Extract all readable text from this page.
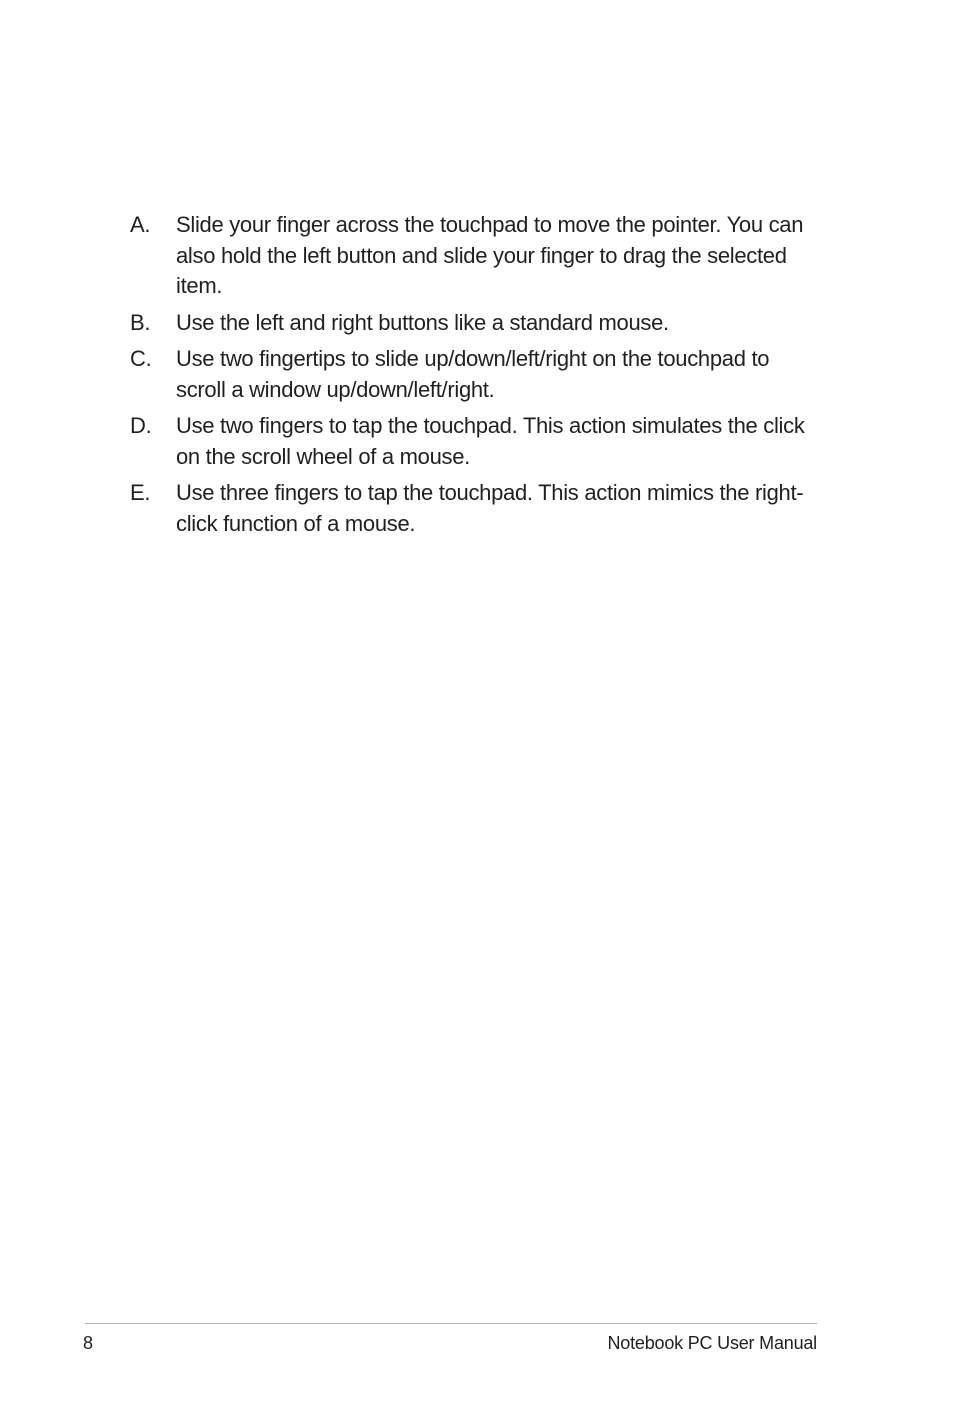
A.	Slide your finger across the touchpad to move the pointer. You can also hold the left button and slide your finger to drag the selected item.
B.	Use the left and right buttons like a standard mouse.
C.	Use two fingertips to slide up/down/left/right on the touchpad to scroll a window up/down/left/right.
D.	Use two fingers to tap the touchpad. This action simulates the click on the scroll wheel of a mouse.
E.	Use three fingers to tap the touchpad. This action mimics the right-click function of a mouse.
8	Notebook PC User Manual
